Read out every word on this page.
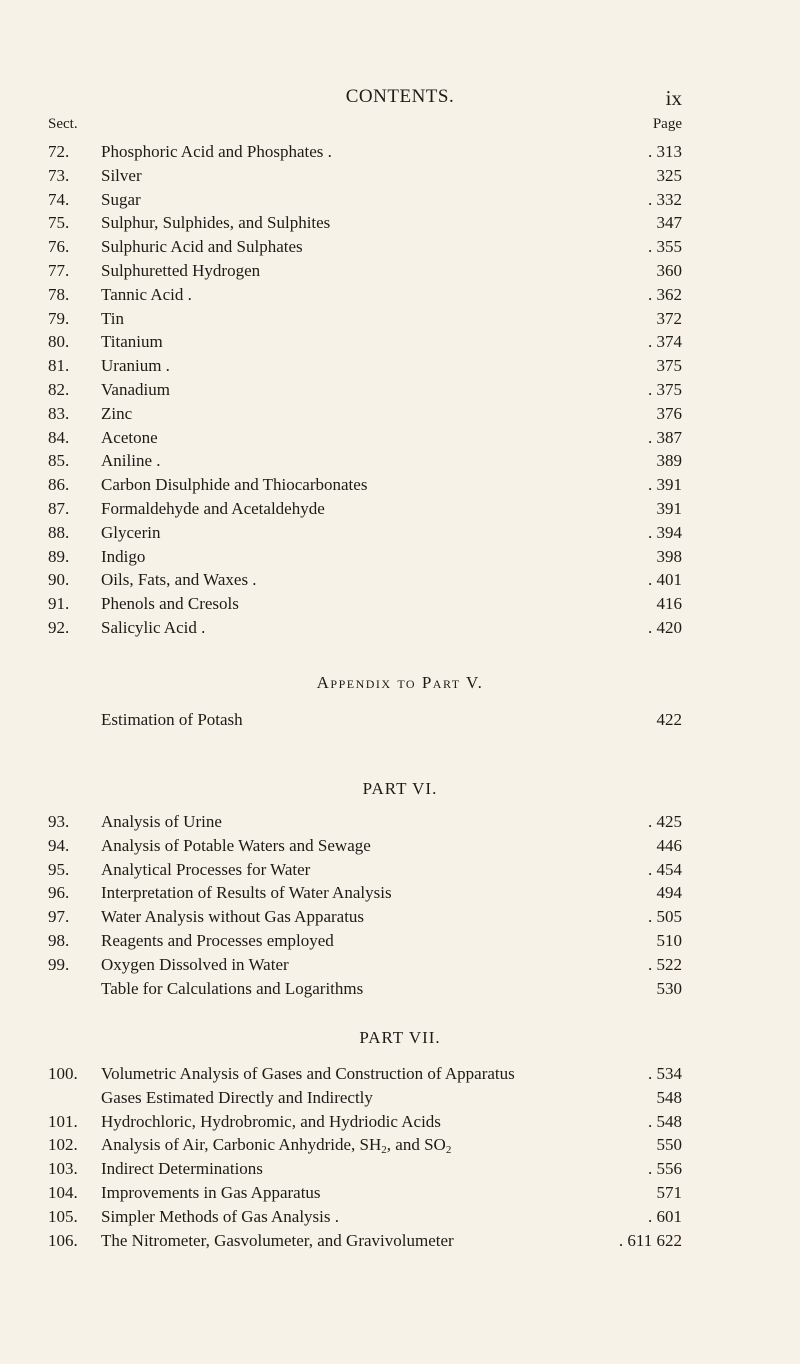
CONTENTS.	ix
Sect.	Page
72.	Phosphoric Acid and Phosphates .	. 313
73.	Silver	325
74.	Sugar	. 332
75.	Sulphur, Sulphides, and Sulphites	347
76.	Sulphuric Acid and Sulphates	. 355
77.	Sulphuretted Hydrogen	360
78.	Tannic Acid .	. 362
79.	Tin	372
80.	Titanium	. 374
81.	Uranium .	375
82.	Vanadium	. 375
83.	Zinc	376
84.	Acetone	. 387
85.	Aniline .	389
86.	Carbon Disulphide and Thiocarbonates	. 391
87.	Formaldehyde and Acetaldehyde	391
88.	Glycerin	. 394
89.	Indigo	398
90.	Oils, Fats, and Waxes .	. 401
91.	Phenols and Cresols	416
92.	Salicylic Acid .	. 420
Appendix to Part V.
Estimation of Potash	422
PART VI.
93.	Analysis of Urine	. 425
94.	Analysis of Potable Waters and Sewage	446
95.	Analytical Processes for Water	. 454
96.	Interpretation of Results of Water Analysis	494
97.	Water Analysis without Gas Apparatus	. 505
98.	Reagents and Processes employed	510
99.	Oxygen Dissolved in Water	. 522
Table for Calculations and Logarithms	530
PART VII.
100.	Volumetric Analysis of Gases and Construction of Apparatus	. 534
Gases Estimated Directly and Indirectly	548
101.	Hydrochloric, Hydrobromic, and Hydriodic Acids	. 548
102.	Analysis of Air, Carbonic Anhydride, $SH_2$, and $SO_2$	550
103.	Indirect Determinations	. 556
104.	Improvements in Gas Apparatus	571
105.	Simpler Methods of Gas Analysis .	. 601
106.	The Nitrometer, Gasvolumeter, and Gravivolumeter	. 611 622
